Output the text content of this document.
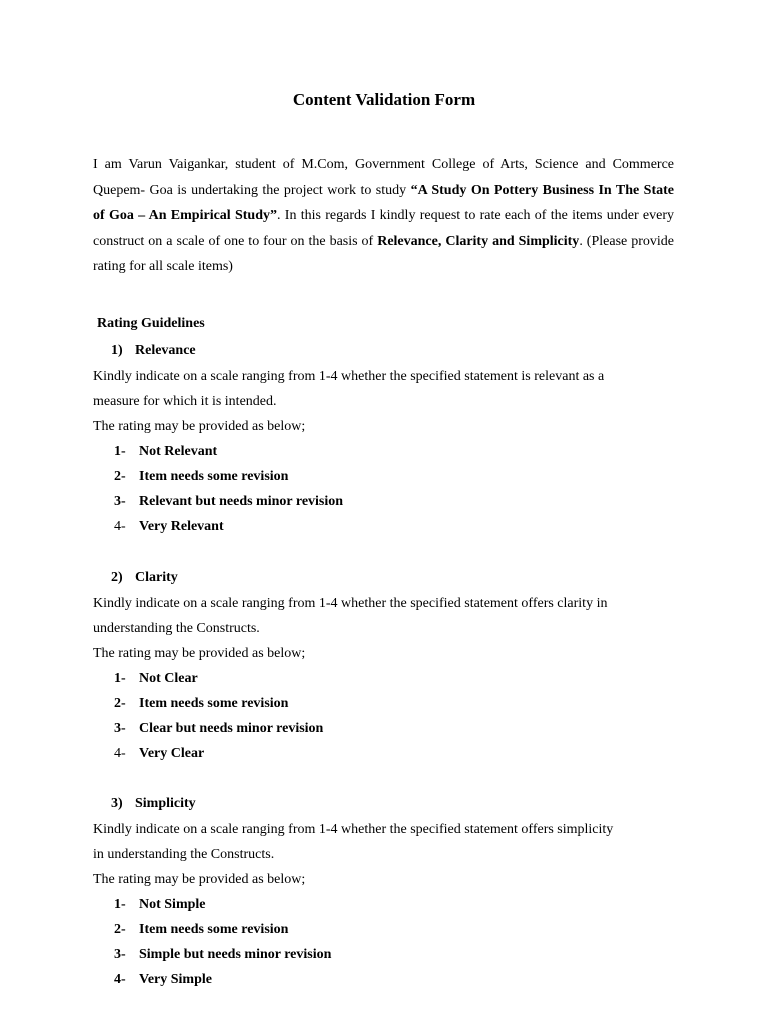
Content Validation Form

I am Varun Vaigankar, student of M.Com, Government College of Arts, Science and Commerce Quepem- Goa is undertaking the project work to study “A Study On Pottery Business In The State of Goa – An Empirical Study”. In this regards I kindly request to rate each of the items under every construct on a scale of one to four on the basis of Relevance, Clarity and Simplicity. (Please provide rating for all scale items)

Rating Guidelines
1) Relevance
Kindly indicate on a scale ranging from 1-4 whether the specified statement is relevant as a
measure for which it is intended.
The rating may be provided as below;
1- Not Relevant
2- Item needs some revision
3- Relevant but needs minor revision
4- Very Relevant
2) Clarity
Kindly indicate on a scale ranging from 1-4 whether the specified statement offers clarity in
understanding the Constructs.
The rating may be provided as below;
1- Not Clear
2- Item needs some revision
3- Clear but needs minor revision
4- Very Clear
3) Simplicity
Kindly indicate on a scale ranging from 1-4 whether the specified statement offers simplicity
in understanding the Constructs.
The rating may be provided as below;
1- Not Simple
2- Item needs some revision
3- Simple but needs minor revision
4- Very Simple
